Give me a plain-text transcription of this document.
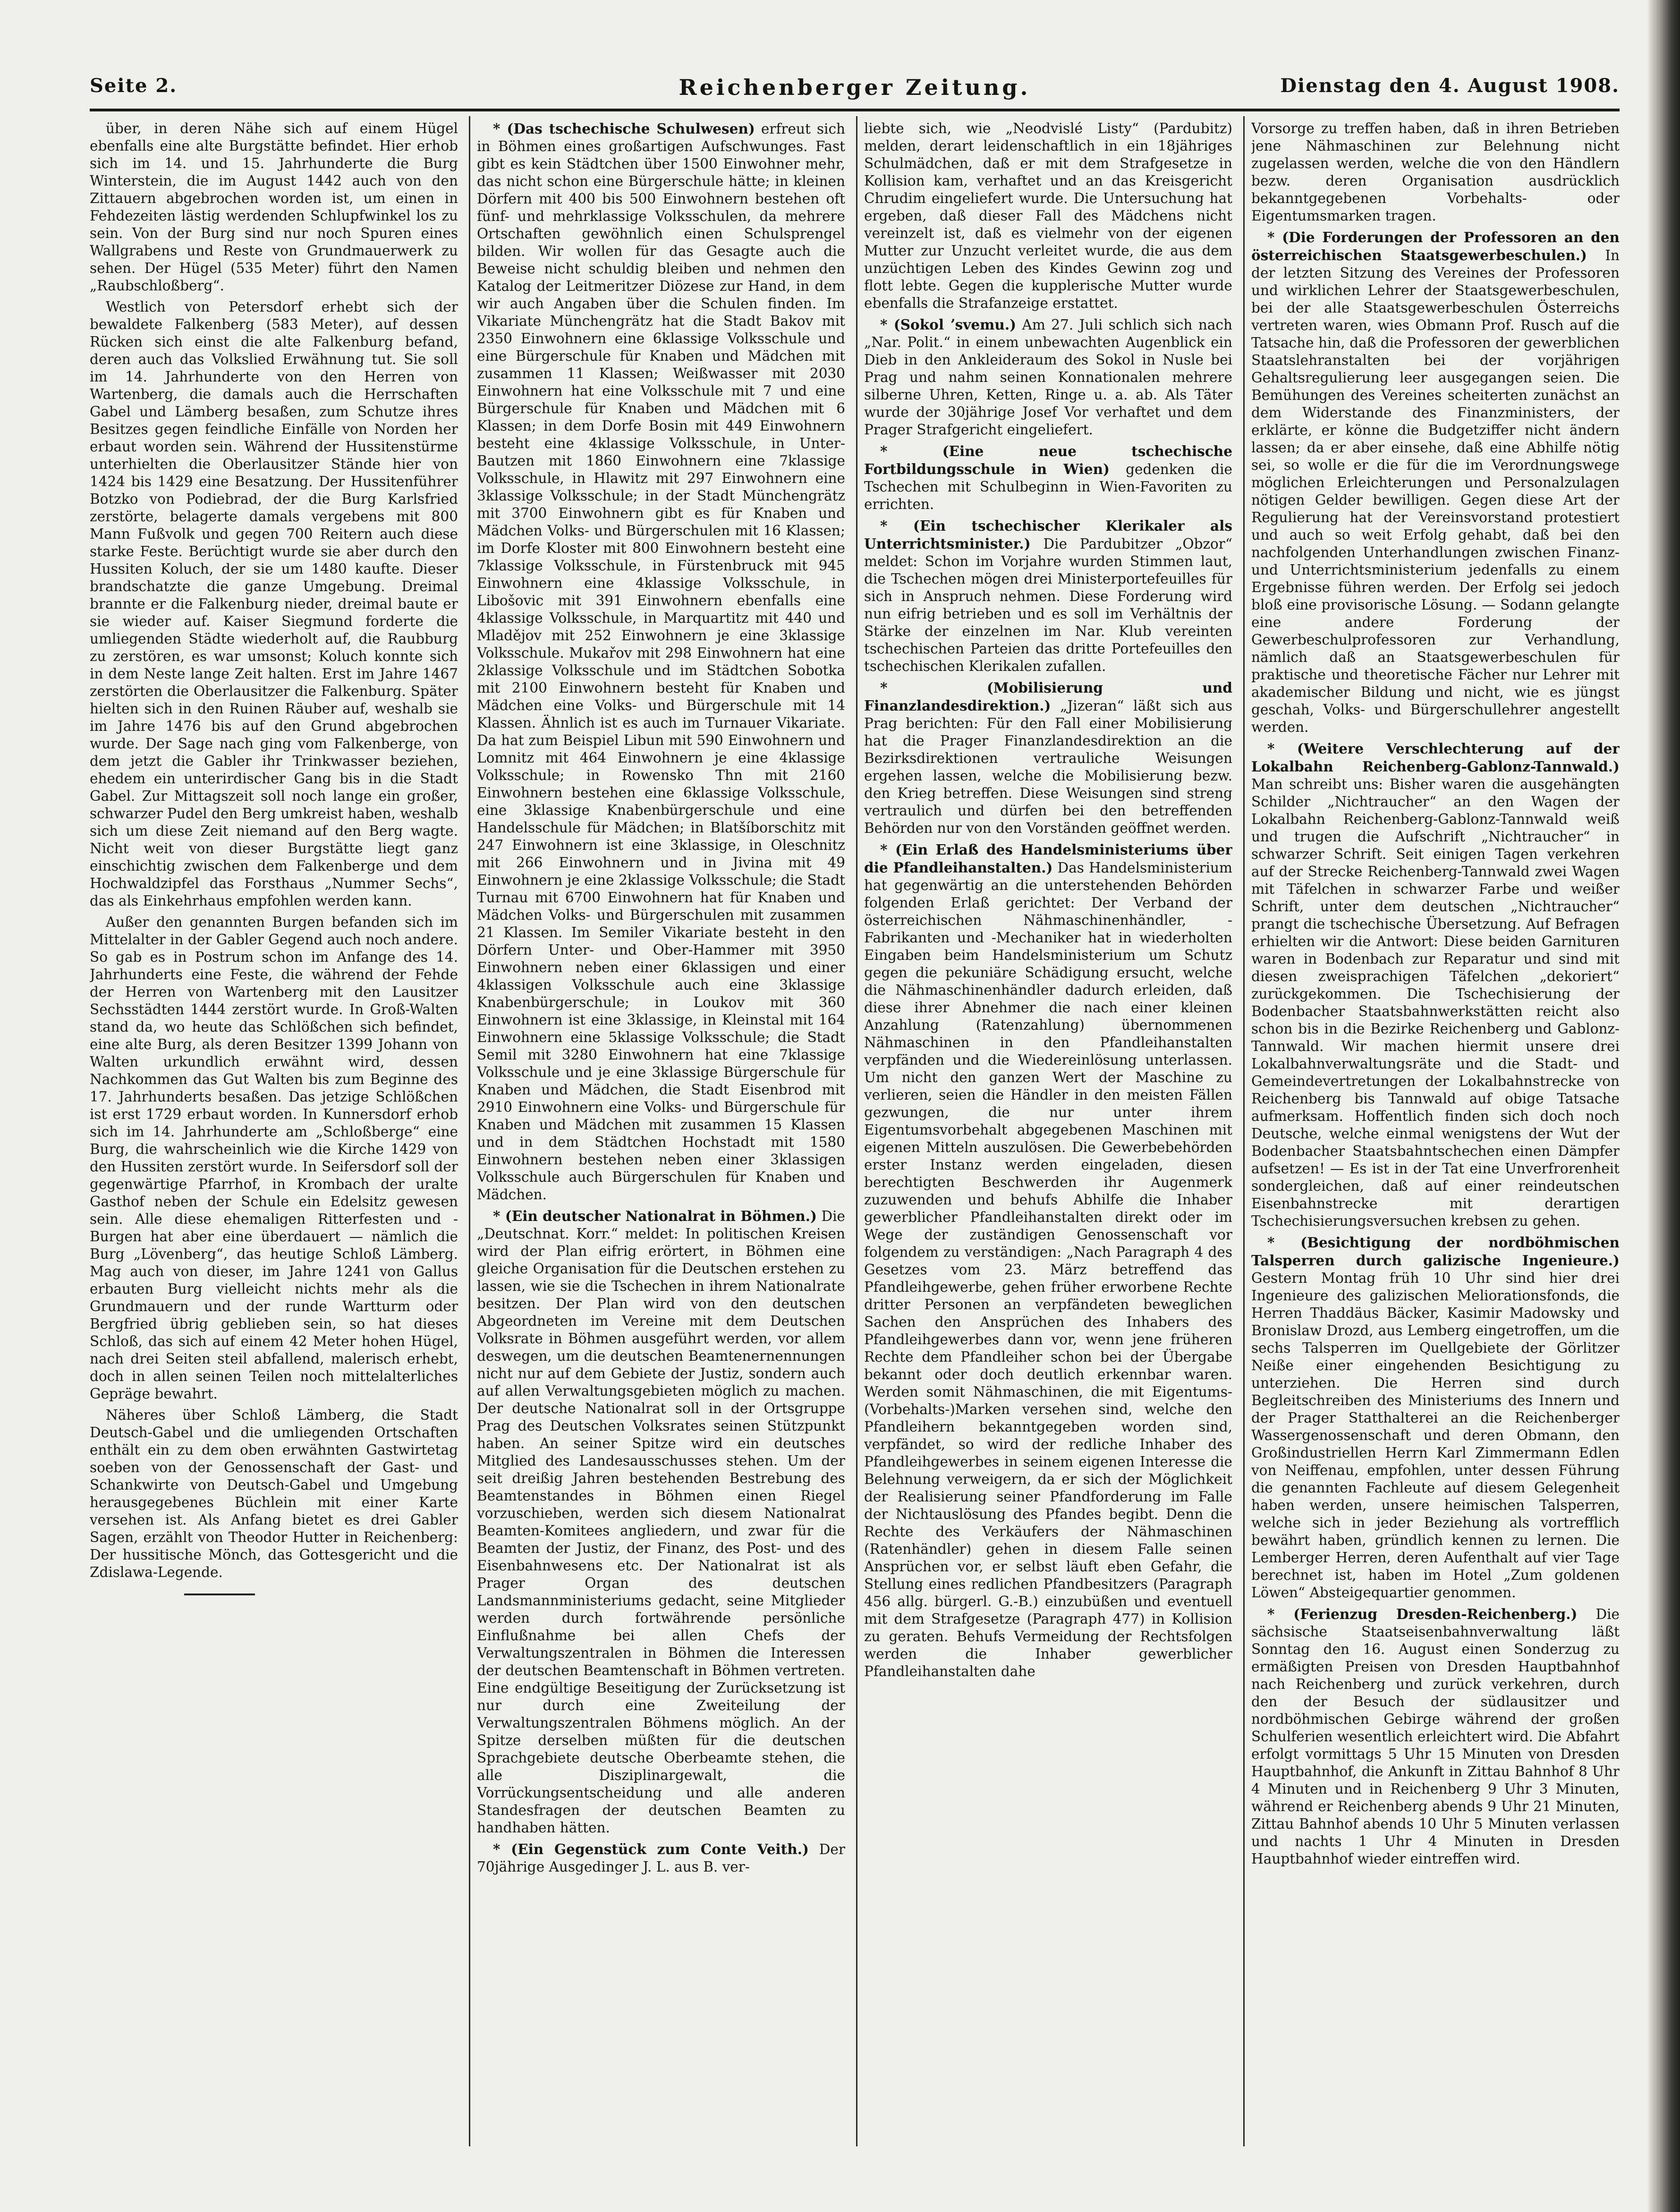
Seite 2.	Reichenberger Zeitung.	Dienstag den 4. August 1908.

über, in deren Nähe sich auf einem Hügel ebenfalls eine alte Burgstätte befindet. Hier erhob sich im 14. und 15. Jahrhunderte die Burg Winterstein, die im August 1442 auch von den Zittauern abgebrochen worden ist, um einen in Fehdezeiten lästig werdenden Schlupfwinkel los zu sein. Von der Burg sind nur noch Spuren eines Wallgrabens und Reste von Grundmauerwerk zu sehen. Der Hügel (535 Meter) führt den Namen „Raubschloßberg“.

Westlich von Petersdorf erhebt sich der bewaldete Falkenberg (583 Meter), auf dessen Rücken sich einst die alte Falkenburg befand, deren auch das Volkslied Erwähnung tut. Sie soll im 14. Jahrhunderte von den Herren von Wartenberg, die damals auch die Herrschaften Gabel und Lämberg besaßen, zum Schutze ihres Besitzes gegen feindliche Einfälle von Norden her erbaut worden sein. Während der Hussitenstürme unterhielten die Oberlausitzer Stände hier von 1424 bis 1429 eine Besatzung. Der Hussitenführer Botzko von Podiebrad, der die Burg Karlsfried zerstörte, belagerte damals vergebens mit 800 Mann Fußvolk und gegen 700 Reitern auch diese starke Feste. Berüchtigt wurde sie aber durch den Hussiten Koluch, der sie um 1480 kaufte. Dieser brandschatzte die ganze Umgebung. Dreimal brannte er die Falkenburg nieder, dreimal baute er sie wieder auf. Kaiser Siegmund forderte die umliegenden Städte wiederholt auf, die Raubburg zu zerstören, es war umsonst; Koluch konnte sich in dem Neste lange Zeit halten. Erst im Jahre 1467 zerstörten die Oberlausitzer die Falkenburg. Später hielten sich in den Ruinen Räuber auf, weshalb sie im Jahre 1476 bis auf den Grund abgebrochen wurde. Der Sage nach ging vom Falkenberge, von dem jetzt die Gabler ihr Trinkwasser beziehen, ehedem ein unterirdischer Gang bis in die Stadt Gabel. Zur Mittagszeit soll noch lange ein großer, schwarzer Pudel den Berg umkreist haben, weshalb sich um diese Zeit niemand auf den Berg wagte. Nicht weit von dieser Burgstätte liegt ganz einschichtig zwischen dem Falkenberge und dem Hochwaldzipfel das Forsthaus „Nummer Sechs“, das als Einkehrhaus empfohlen werden kann.

Außer den genannten Burgen befanden sich im Mittelalter in der Gabler Gegend auch noch andere. So gab es in Postrum schon im Anfange des 14. Jahrhunderts eine Feste, die während der Fehde der Herren von Wartenberg mit den Lausitzer Sechsstädten 1444 zerstört wurde. In Groß-Walten stand da, wo heute das Schlößchen sich befindet, eine alte Burg, als deren Besitzer 1399 Johann von Walten urkundlich erwähnt wird, dessen Nachkommen das Gut Walten bis zum Beginne des 17. Jahrhunderts besaßen. Das jetzige Schlößchen ist erst 1729 erbaut worden. In Kunnersdorf erhob sich im 14. Jahrhunderte am „Schloßberge“ eine Burg, die wahrscheinlich wie die Kirche 1429 von den Hussiten zerstört wurde. In Seifersdorf soll der gegenwärtige Pfarrhof, in Krombach der uralte Gasthof neben der Schule ein Edelsitz gewesen sein. Alle diese ehemaligen Ritterfesten und -Burgen hat aber eine überdauert — nämlich die Burg „Lövenberg“, das heutige Schloß Lämberg. Mag auch von dieser, im Jahre 1241 von Gallus erbauten Burg vielleicht nichts mehr als die Grundmauern und der runde Wartturm oder Bergfried übrig geblieben sein, so hat dieses Schloß, das sich auf einem 42 Meter hohen Hügel, nach drei Seiten steil abfallend, malerisch erhebt, doch in allen seinen Teilen noch mittelalterliches Gepräge bewahrt.

Näheres über Schloß Lämberg, die Stadt Deutsch-Gabel und die umliegenden Ortschaften enthält ein zu dem oben erwähnten Gastwirtetag soeben von der Genossenschaft der Gast- und Schankwirte von Deutsch-Gabel und Umgebung herausgegebenes Büchlein mit einer Karte versehen ist. Als Anfang bietet es drei Gabler Sagen, erzählt von Theodor Hutter in Reichenberg: Der hussitische Mönch, das Gottesgericht und die Zdislawa-Legende.

* (Das tschechische Schulwesen) erfreut sich in Böhmen eines großartigen Aufschwunges. Fast gibt es kein Städtchen über 1500 Einwohner mehr, das nicht schon eine Bürgerschule hätte; in kleinen Dörfern mit 400 bis 500 Einwohnern bestehen oft fünf- und mehrklassige Volksschulen, da mehrere Ortschaften gewöhnlich einen Schulsprengel bilden. Wir wollen für das Gesagte auch die Beweise nicht schuldig bleiben und nehmen den Katalog der Leitmeritzer Diözese zur Hand, in dem wir auch Angaben über die Schulen finden. Im Vikariate Münchengrätz hat die Stadt Bakov mit 2350 Einwohnern eine 6klassige Volksschule und eine Bürgerschule für Knaben und Mädchen mit zusammen 11 Klassen; Weißwasser mit 2030 Einwohnern hat eine Volksschule mit 7 und eine Bürgerschule für Knaben und Mädchen mit 6 Klassen; in dem Dorfe Bosin mit 449 Einwohnern besteht eine 4klassige Volksschule, in Unter-Bautzen mit 1860 Einwohnern eine 7klassige Volksschule, in Hlawitz mit 297 Einwohnern eine 3klassige Volksschule; in der Stadt Münchengrätz mit 3700 Einwohnern gibt es für Knaben und Mädchen Volks- und Bürgerschulen mit 16 Klassen; im Dorfe Kloster mit 800 Einwohnern besteht eine 7klassige Volksschule, in Fürstenbruck mit 945 Einwohnern eine 4klassige Volksschule, in Libošovic mit 391 Einwohnern ebenfalls eine 4klassige Volksschule, in Marquartitz mit 440 und Mladějov mit 252 Einwohnern je eine 3klassige Volksschule. Mukařov mit 298 Einwohnern hat eine 2klassige Volksschule und im Städtchen Sobotka mit 2100 Einwohnern besteht für Knaben und Mädchen eine Volks- und Bürgerschule mit 14 Klassen. Ähnlich ist es auch im Turnauer Vikariate. Da hat zum Beispiel Libun mit 590 Einwohnern und Lomnitz mit 464 Einwohnern je eine 4klassige Volksschule; in Rowensko Thn mit 2160 Einwohnern bestehen eine 6klassige Volksschule, eine 3klassige Knabenbürgerschule und eine Handelsschule für Mädchen; in Blatšíborschitz mit 247 Einwohnern ist eine 3klassige, in Oleschnitz mit 266 Einwohnern und in Jivina mit 49 Einwohnern je eine 2klassige Volksschule; die Stadt Turnau mit 6700 Einwohnern hat für Knaben und Mädchen Volks- und Bürgerschulen mit zusammen 21 Klassen. Im Semiler Vikariate besteht in den Dörfern Unter- und Ober-Hammer mit 3950 Einwohnern neben einer 6klassigen und einer 4klassigen Volksschule auch eine 3klassige Knabenbürgerschule; in Loukov mit 360 Einwohnern ist eine 3klassige, in Kleinstal mit 164 Einwohnern eine 5klassige Volksschule; die Stadt Semil mit 3280 Einwohnern hat eine 7klassige Volksschule und je eine 3klassige Bürgerschule für Knaben und Mädchen, die Stadt Eisenbrod mit 2910 Einwohnern eine Volks- und Bürgerschule für Knaben und Mädchen mit zusammen 15 Klassen und in dem Städtchen Hochstadt mit 1580 Einwohnern bestehen neben einer 3klassigen Volksschule auch Bürgerschulen für Knaben und Mädchen.

* (Ein deutscher Nationalrat in Böhmen.) Die „Deutschnat. Korr.“ meldet: In politischen Kreisen wird der Plan eifrig erörtert, in Böhmen eine gleiche Organisation für die Deutschen erstehen zu lassen, wie sie die Tschechen in ihrem Nationalrate besitzen. Der Plan wird von den deutschen Abgeordneten im Vereine mit dem Deutschen Volksrate in Böhmen ausgeführt werden, vor allem deswegen, um die deutschen Beamtenernennungen nicht nur auf dem Gebiete der Justiz, sondern auch auf allen Verwaltungsgebieten möglich zu machen. Der deutsche Nationalrat soll in der Ortsgruppe Prag des Deutschen Volksrates seinen Stützpunkt haben. An seiner Spitze wird ein deutsches Mitglied des Landesausschusses stehen. Um der seit dreißig Jahren bestehenden Bestrebung des Beamtenstandes in Böhmen einen Riegel vorzuschieben, werden sich diesem Nationalrat Beamten-Komitees angliedern, und zwar für die Beamten der Justiz, der Finanz, des Post- und des Eisenbahnwesens etc. Der Nationalrat ist als Prager Organ des deutschen Landsmannministeriums gedacht, seine Mitglieder werden durch fortwährende persönliche Einflußnahme bei allen Chefs der Verwaltungszentralen in Böhmen die Interessen der deutschen Beamtenschaft in Böhmen vertreten. Eine endgültige Beseitigung der Zurücksetzung ist nur durch eine Zweiteilung der Verwaltungszentralen Böhmens möglich. An der Spitze derselben müßten für die deutschen Sprachgebiete deutsche Oberbeamte stehen, die alle Disziplinargewalt, die Vorrückungsentscheidung und alle anderen Standesfragen der deutschen Beamten zu handhaben hätten.

* (Ein Gegenstück zum Conte Veith.) Der 70jährige Ausgedinger J. L. aus B. ver-

liebte sich, wie „Neodvislé Listy“ (Pardubitz) melden, derart leidenschaftlich in ein 18jähriges Schulmädchen, daß er mit dem Strafgesetze in Kollision kam, verhaftet und an das Kreisgericht Chrudim eingeliefert wurde. Die Untersuchung hat ergeben, daß dieser Fall des Mädchens nicht vereinzelt ist, daß es vielmehr von der eigenen Mutter zur Unzucht verleitet wurde, die aus dem unzüchtigen Leben des Kindes Gewinn zog und flott lebte. Gegen die kupplerische Mutter wurde ebenfalls die Strafanzeige erstattet.

* (Sokol ʼsvemu.) Am 27. Juli schlich sich nach „Nar. Polit.“ in einem unbewachten Augenblick ein Dieb in den Ankleideraum des Sokol in Nusle bei Prag und nahm seinen Konnationalen mehrere silberne Uhren, Ketten, Ringe u. a. ab. Als Täter wurde der 30jährige Josef Vor verhaftet und dem Prager Strafgericht eingeliefert.

* (Eine neue tschechische Fortbildungsschule in Wien) gedenken die Tschechen mit Schulbeginn in Wien-Favoriten zu errichten.

* (Ein tschechischer Klerikaler als Unterrichtsminister.) Die Pardubitzer „Obzor“ meldet: Schon im Vorjahre wurden Stimmen laut, die Tschechen mögen drei Ministerportefeuilles für sich in Anspruch nehmen. Diese Forderung wird nun eifrig betrieben und es soll im Verhältnis der Stärke der einzelnen im Nar. Klub vereinten tschechischen Parteien das dritte Portefeuilles den tschechischen Klerikalen zufallen.

* (Mobilisierung und Finanzlandesdirektion.) „Jizeran“ läßt sich aus Prag berichten: Für den Fall einer Mobilisierung hat die Prager Finanzlandesdirektion an die Bezirksdirektionen vertrauliche Weisungen ergehen lassen, welche die Mobilisierung bezw. den Krieg betreffen. Diese Weisungen sind streng vertraulich und dürfen bei den betreffenden Behörden nur von den Vorständen geöffnet werden.

* (Ein Erlaß des Handelsministeriums über die Pfandleihanstalten.) Das Handelsministerium hat gegenwärtig an die unterstehenden Behörden folgenden Erlaß gerichtet: Der Verband der österreichischen Nähmaschinenhändler, -Fabrikanten und -Mechaniker hat in wiederholten Eingaben beim Handelsministerium um Schutz gegen die pekuniäre Schädigung ersucht, welche die Nähmaschinenhändler dadurch erleiden, daß diese ihrer Abnehmer die nach einer kleinen Anzahlung (Ratenzahlung) übernommenen Nähmaschinen in den Pfandleihanstalten verpfänden und die Wiedereinlösung unterlassen. Um nicht den ganzen Wert der Maschine zu verlieren, seien die Händler in den meisten Fällen gezwungen, die nur unter ihrem Eigentumsvorbehalt abgegebenen Maschinen mit eigenen Mitteln auszulösen. Die Gewerbebehörden erster Instanz werden eingeladen, diesen berechtigten Beschwerden ihr Augenmerk zuzuwenden und behufs Abhilfe die Inhaber gewerblicher Pfandleihanstalten direkt oder im Wege der zuständigen Genossenschaft vor folgendem zu verständigen: „Nach Paragraph 4 des Gesetzes vom 23. März betreffend das Pfandleihgewerbe, gehen früher erworbene Rechte dritter Personen an verpfändeten beweglichen Sachen den Ansprüchen des Inhabers des Pfandleihgewerbes dann vor, wenn jene früheren Rechte dem Pfandleiher schon bei der Übergabe bekannt oder doch deutlich erkennbar waren. Werden somit Nähmaschinen, die mit Eigentums-(Vorbehalts-)Marken versehen sind, welche den Pfandleihern bekanntgegeben worden sind, verpfändet, so wird der redliche Inhaber des Pfandleihgewerbes in seinem eigenen Interesse die Belehnung verweigern, da er sich der Möglichkeit der Realisierung seiner Pfandforderung im Falle der Nichtauslösung des Pfandes begibt. Denn die Rechte des Verkäufers der Nähmaschinen (Ratenhändler) gehen in diesem Falle seinen Ansprüchen vor, er selbst läuft eben Gefahr, die Stellung eines redlichen Pfandbesitzers (Paragraph 456 allg. bürgerl. G.-B.) einzubüßen und eventuell mit dem Strafgesetze (Paragraph 477) in Kollision zu geraten. Behufs Vermeidung der Rechtsfolgen werden die Inhaber gewerblicher Pfandleihanstalten dahe

Vorsorge zu treffen haben, daß in ihren Betrieben jene Nähmaschinen zur Belehnung nicht zugelassen werden, welche die von den Händlern bezw. deren Organisation ausdrücklich bekanntgegebenen Vorbehalts- oder Eigentumsmarken tragen.

* (Die Forderungen der Professoren an den österreichischen Staatsgewerbeschulen.) In der letzten Sitzung des Vereines der Professoren und wirklichen Lehrer der Staatsgewerbeschulen, bei der alle Staatsgewerbeschulen Österreichs vertreten waren, wies Obmann Prof. Rusch auf die Tatsache hin, daß die Professoren der gewerblichen Staatslehranstalten bei der vorjährigen Gehaltsregulierung leer ausgegangen seien. Die Bemühungen des Vereines scheiterten zunächst an dem Widerstande des Finanzministers, der erklärte, er könne die Budgetziffer nicht ändern lassen; da er aber einsehe, daß eine Abhilfe nötig sei, so wolle er die für die im Verordnungswege möglichen Erleichterungen und Personalzulagen nötigen Gelder bewilligen. Gegen diese Art der Regulierung hat der Vereinsvorstand protestiert und auch so weit Erfolg gehabt, daß bei den nachfolgenden Unterhandlungen zwischen Finanz- und Unterrichtsministerium jedenfalls zu einem Ergebnisse führen werden. Der Erfolg sei jedoch bloß eine provisorische Lösung. — Sodann gelangte eine andere Forderung der Gewerbeschulprofessoren zur Verhandlung, nämlich daß an Staatsgewerbeschulen für praktische und theoretische Fächer nur Lehrer mit akademischer Bildung und nicht, wie es jüngst geschah, Volks- und Bürgerschullehrer angestellt werden.

* (Weitere Verschlechterung auf der Lokalbahn Reichenberg-Gablonz-Tannwald.) Man schreibt uns: Bisher waren die ausgehängten Schilder „Nichtraucher“ an den Wagen der Lokalbahn Reichenberg-Gablonz-Tannwald weiß und trugen die Aufschrift „Nichtraucher“ in schwarzer Schrift. Seit einigen Tagen verkehren auf der Strecke Reichenberg-Tannwald zwei Wagen mit Täfelchen in schwarzer Farbe und weißer Schrift, unter dem deutschen „Nichtraucher“ prangt die tschechische Übersetzung. Auf Befragen erhielten wir die Antwort: Diese beiden Garnituren waren in Bodenbach zur Reparatur und sind mit diesen zweisprachigen Täfelchen „dekoriert“ zurückgekommen. Die Tschechisierung der Bodenbacher Staatsbahnwerkstätten reicht also schon bis in die Bezirke Reichenberg und Gablonz-Tannwald. Wir machen hiermit unsere drei Lokalbahnverwaltungsräte und die Stadt- und Gemeindevertretungen der Lokalbahnstrecke von Reichenberg bis Tannwald auf obige Tatsache aufmerksam. Hoffentlich finden sich doch noch Deutsche, welche einmal wenigstens der Wut der Bodenbacher Staatsbahntschechen einen Dämpfer aufsetzen! — Es ist in der Tat eine Unverfrorenheit sondergleichen, daß auf einer reindeutschen Eisenbahnstrecke mit derartigen Tschechisierungsversuchen krebsen zu gehen.

* (Besichtigung der nordböhmischen Talsperren durch galizische Ingenieure.) Gestern Montag früh 10 Uhr sind hier drei Ingenieure des galizischen Meliorationsfonds, die Herren Thaddäus Bäcker, Kasimir Madowsky und Bronislaw Drozd, aus Lemberg eingetroffen, um die sechs Talsperren im Quellgebiete der Görlitzer Neiße einer eingehenden Besichtigung zu unterziehen. Die Herren sind durch Begleitschreiben des Ministeriums des Innern und der Prager Statthalterei an die Reichenberger Wassergenossenschaft und deren Obmann, den Großindustriellen Herrn Karl Zimmermann Edlen von Neiffenau, empfohlen, unter dessen Führung die genannten Fachleute auf diesem Gelegenheit haben werden, unsere heimischen Talsperren, welche sich in jeder Beziehung als vortrefflich bewährt haben, gründlich kennen zu lernen. Die Lemberger Herren, deren Aufenthalt auf vier Tage berechnet ist, haben im Hotel „Zum goldenen Löwen“ Absteigequartier genommen.

* (Ferienzug Dresden-Reichenberg.) Die sächsische Staatseisenbahnverwaltung läßt Sonntag den 16. August einen Sonderzug zu ermäßigten Preisen von Dresden Hauptbahnhof nach Reichenberg und zurück verkehren, durch den der Besuch der südlausitzer und nordböhmischen Gebirge während der großen Schulferien wesentlich erleichtert wird. Die Abfahrt erfolgt vormittags 5 Uhr 15 Minuten von Dresden Hauptbahnhof, die Ankunft in Zittau Bahnhof 8 Uhr 4 Minuten und in Reichenberg 9 Uhr 3 Minuten, während er Reichenberg abends 9 Uhr 21 Minuten, Zittau Bahnhof abends 10 Uhr 5 Minuten verlassen und nachts 1 Uhr 4 Minuten in Dresden Hauptbahnhof wieder eintreffen wird.
